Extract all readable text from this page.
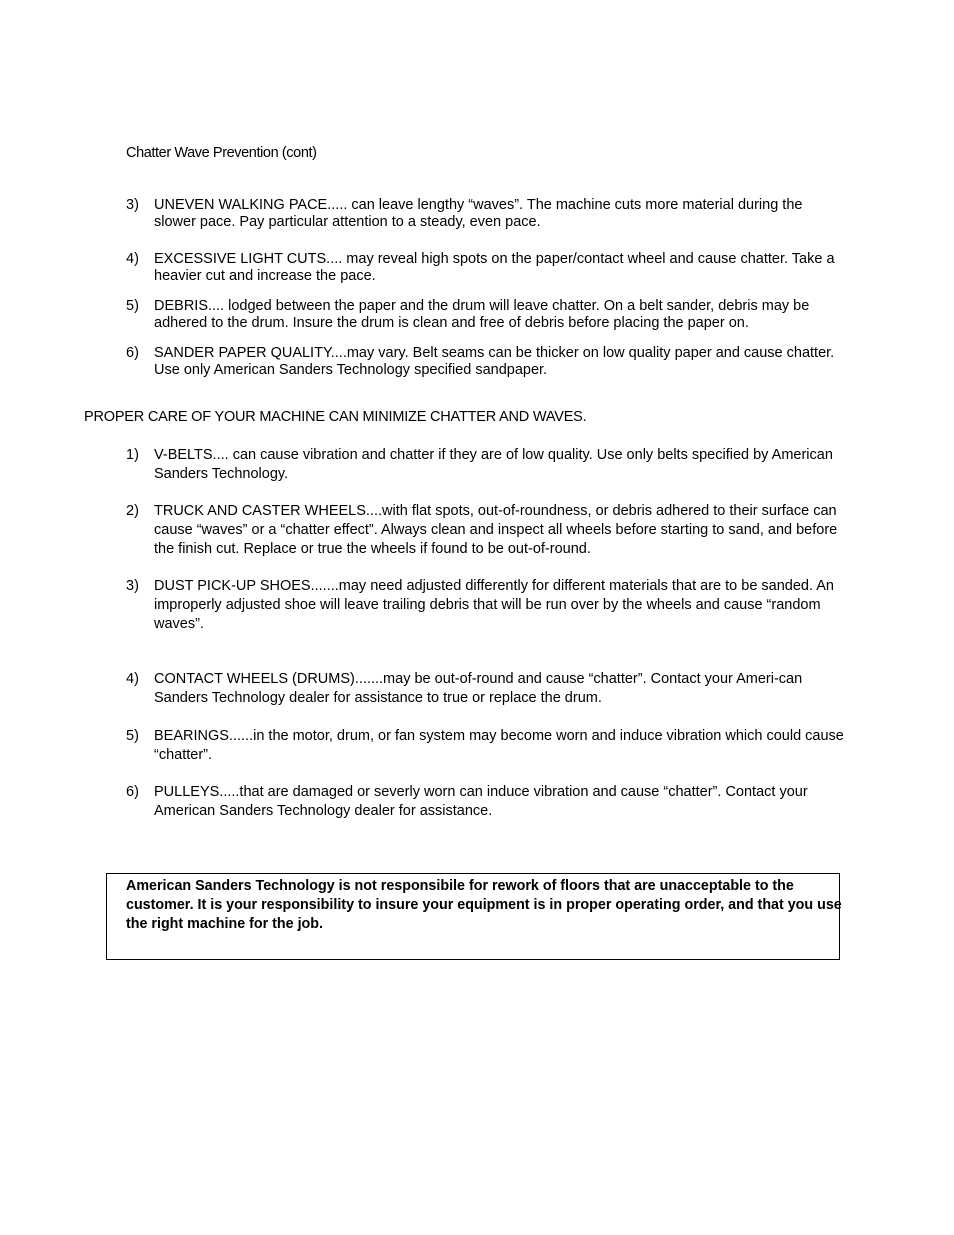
Chatter Wave Prevention (cont)
3) UNEVEN WALKING PACE..... can leave lengthy “waves”. The machine cuts more material during the slower pace. Pay particular attention to a steady, even pace.
4) EXCESSIVE LIGHT CUTS.... may reveal high spots on the paper/contact wheel and cause chatter. Take a heavier cut and increase the pace.
5) DEBRIS.... lodged between the paper and the drum will leave chatter. On a belt sander, debris may be adhered to the drum. Insure the drum is clean and free of debris before placing the paper on.
6) SANDER PAPER QUALITY....may vary. Belt seams can be thicker on low quality paper and cause chatter. Use only American Sanders Technology specified sandpaper.
PROPER CARE OF YOUR MACHINE CAN MINIMIZE CHATTER AND WAVES.
1) V-BELTS.... can cause vibration and chatter if they are of low quality. Use only belts specified by American Sanders Technology.
2) TRUCK AND CASTER WHEELS....with flat spots, out-of-roundness, or debris adhered to their surface can cause “waves” or a “chatter effect”. Always clean and inspect all wheels before starting to sand, and before the finish cut. Replace or true the wheels if found to be out-of-round.
3) DUST PICK-UP SHOES.......may need adjusted differently for different materials that are to be sanded. An improperly adjusted shoe will leave trailing debris that will be run over by the wheels and cause “random waves”.
4) CONTACT WHEELS (DRUMS).......may be out-of-round and cause “chatter”. Contact your Ameri-can Sanders Technology dealer for assistance to true or replace the drum.
5) BEARINGS......in the motor, drum, or fan system may become worn and induce vibration which could cause “chatter”.
6) PULLEYS.....that are damaged or severly worn can induce vibration and cause “chatter”. Contact your American Sanders Technology dealer for assistance.
American Sanders Technology is not responsibile for rework of floors that are unacceptable to the customer. It is your responsibility to insure your equipment is in proper operating order, and that you use the right machine for the job.
